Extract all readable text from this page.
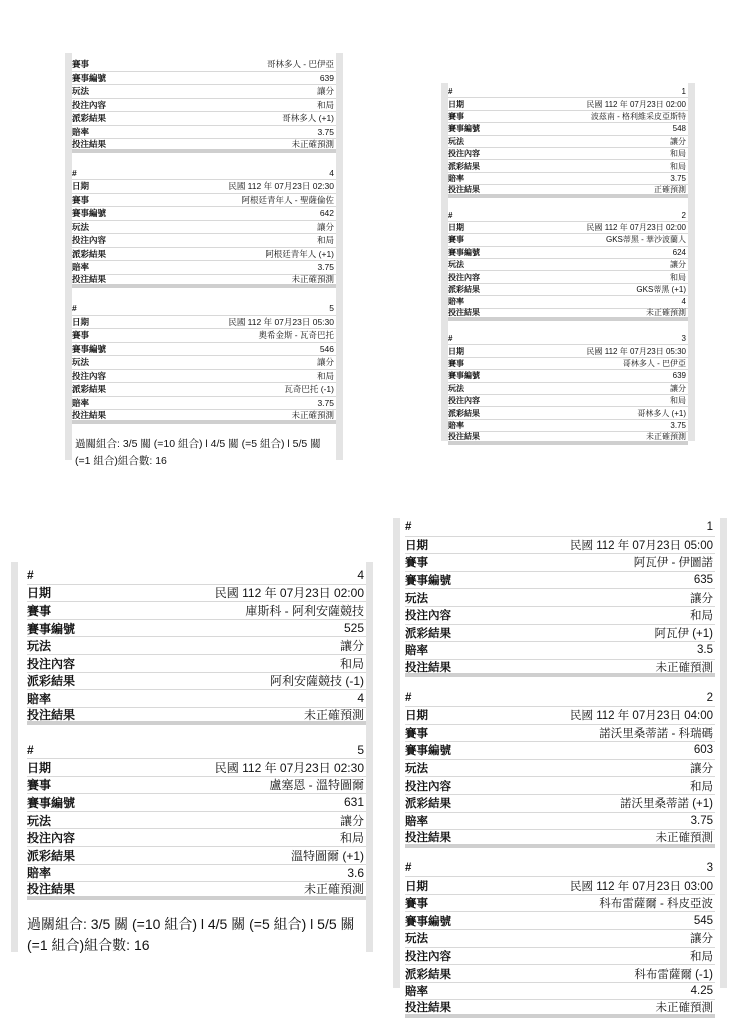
賽事	哥林多人 - 巴伊亞
賽事編號	639
玩法	讓分
投注內容	和局
派彩結果	哥林多人 (+1)
賠率	3.75
投注結果	未正確預測
#	4
日期	民國 112 年 07月23日 02:30
賽事	阿根廷青年人 - 聖薩倫佐
賽事編號	642
玩法	讓分
投注內容	和局
派彩結果	阿根廷青年人 (+1)
賠率	3.75
投注結果	未正確預測
#	5
日期	民國 112 年 07月23日 05:30
賽事	奧希金斯 - 瓦奇巴托
賽事編號	546
玩法	讓分
投注內容	和局
派彩結果	瓦奇巴托 (-1)
賠率	3.75
投注結果	未正確預測
過關組合: 3/5 關 (=10 組合) l 4/5 關 (=5 組合) l 5/5 關 (=1 組合)組合數: 16
#	1
日期	民國 112 年 07月23日 02:00
賽事	波茲南 - 格利維采皮亞斯特
賽事編號	548
玩法	讓分
投注內容	和局
派彩結果	和局
賠率	3.75
投注結果	正確預測
#	2
日期	民國 112 年 07月23日 02:00
賽事	GKS蒂黑 - 華沙波蘭人
賽事編號	624
玩法	讓分
投注內容	和局
派彩結果	GKS蒂黑 (+1)
賠率	4
投注結果	未正確預測
#	3
日期	民國 112 年 07月23日 05:30
賽事	哥林多人 - 巴伊亞
賽事編號	639
玩法	讓分
投注內容	和局
派彩結果	哥林多人 (+1)
賠率	3.75
投注結果	未正確預測
#	4
日期	民國 112 年 07月23日 02:00
賽事	庫斯科 - 阿利安薩競技
賽事編號	525
玩法	讓分
投注內容	和局
派彩結果	阿利安薩競技 (-1)
賠率	4
投注結果	未正確預測
#	5
日期	民國 112 年 07月23日 02:30
賽事	盧塞恩 - 溫特圖爾
賽事編號	631
玩法	讓分
投注內容	和局
派彩結果	溫特圖爾 (+1)
賠率	3.6
投注結果	未正確預測
過關組合: 3/5 關 (=10 組合) l 4/5 關 (=5 組合) l 5/5 關 (=1 組合)組合數: 16
#	1
日期	民國 112 年 07月23日 05:00
賽事	阿瓦伊 - 伊圖諾
賽事編號	635
玩法	讓分
投注內容	和局
派彩結果	阿瓦伊 (+1)
賠率	3.5
投注結果	未正確預測
#	2
日期	民國 112 年 07月23日 04:00
賽事	諾沃里桑蒂諾 - 科瑞碼
賽事編號	603
玩法	讓分
投注內容	和局
派彩結果	諾沃里桑蒂諾 (+1)
賠率	3.75
投注結果	未正確預測
#	3
日期	民國 112 年 07月23日 03:00
賽事	科布雷薩爾 - 科皮亞波
賽事編號	545
玩法	讓分
投注內容	和局
派彩結果	科布雷薩爾 (-1)
賠率	4.25
投注結果	未正確預測
